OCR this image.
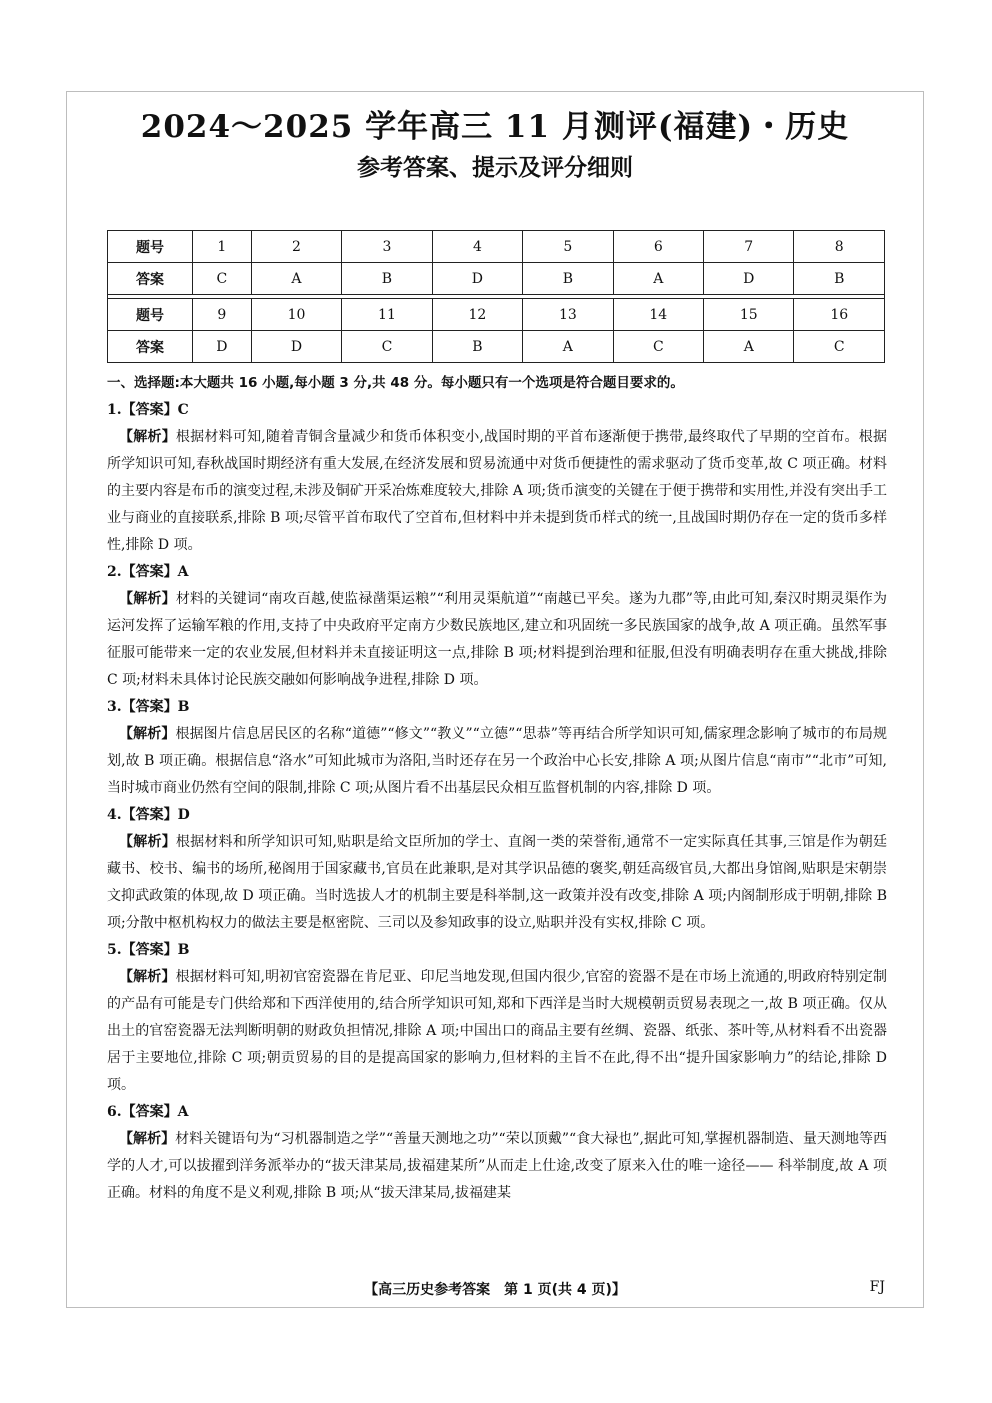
2024～2025 学年高三 11 月测评(福建)・历史
参考答案、提示及评分细则
题号	1	2	3	4	5	6	7	8
答案	C	A	B	D	B	A	D	B

题号	9	10	11	12	13	14	15	16
答案	D	D	C	B	A	C	A	C
一、选择题:本大题共 16 小题,每小题 3 分,共 48 分。每小题只有一个选项是符合题目要求的。

1.【答案】C

【解析】根据材料可知,随着青铜含量减少和货币体积变小,战国时期的平首布逐渐便于携带,最终取代了早期的空首布。根据所学知识可知,春秋战国时期经济有重大发展,在经济发展和贸易流通中对货币便捷性的需求驱动了货币变革,故 C 项正确。材料的主要内容是布币的演变过程,未涉及铜矿开采冶炼难度较大,排除 A 项;货币演变的关键在于便于携带和实用性,并没有突出手工业与商业的直接联系,排除 B 项;尽管平首布取代了空首布,但材料中并未提到货币样式的统一,且战国时期仍存在一定的货币多样性,排除 D 项。

2.【答案】A

【解析】材料的关键词“南攻百越,使监禄凿渠运粮”“利用灵渠航道”“南越已平矣。遂为九郡”等,由此可知,秦汉时期灵渠作为运河发挥了运输军粮的作用,支持了中央政府平定南方少数民族地区,建立和巩固统一多民族国家的战争,故 A 项正确。虽然军事征服可能带来一定的农业发展,但材料并未直接证明这一点,排除 B 项;材料提到治理和征服,但没有明确表明存在重大挑战,排除 C 项;材料未具体讨论民族交融如何影响战争进程,排除 D 项。

3.【答案】B

【解析】根据图片信息居民区的名称“道德”“修文”“教义”“立德”“思恭”等再结合所学知识可知,儒家理念影响了城市的布局规划,故 B 项正确。根据信息“洛水”可知此城市为洛阳,当时还存在另一个政治中心长安,排除 A 项;从图片信息“南市”“北市”可知,当时城市商业仍然有空间的限制,排除 C 项;从图片看不出基层民众相互监督机制的内容,排除 D 项。

4.【答案】D

【解析】根据材料和所学知识可知,贴职是给文臣所加的学士、直阁一类的荣誉衔,通常不一定实际真任其事,三馆是作为朝廷藏书、校书、编书的场所,秘阁用于国家藏书,官员在此兼职,是对其学识品德的褒奖,朝廷高级官员,大都出身馆阁,贴职是宋朝崇文抑武政策的体现,故 D 项正确。当时选拔人才的机制主要是科举制,这一政策并没有改变,排除 A 项;内阁制形成于明朝,排除 B 项;分散中枢机构权力的做法主要是枢密院、三司以及参知政事的设立,贴职并没有实权,排除 C 项。

5.【答案】B

【解析】根据材料可知,明初官窑瓷器在肯尼亚、印尼当地发现,但国内很少,官窑的瓷器不是在市场上流通的,明政府特别定制的产品有可能是专门供给郑和下西洋使用的,结合所学知识可知,郑和下西洋是当时大规模朝贡贸易表现之一,故 B 项正确。仅从出土的官窑瓷器无法判断明朝的财政负担情况,排除 A 项;中国出口的商品主要有丝绸、瓷器、纸张、茶叶等,从材料看不出瓷器居于主要地位,排除 C 项;朝贡贸易的目的是提高国家的影响力,但材料的主旨不在此,得不出“提升国家影响力”的结论,排除 D 项。

6.【答案】A

【解析】材料关键语句为“习机器制造之学”“善量天测地之功”“荣以顶戴”“食大禄也”,据此可知,掌握机器制造、量天测地等西学的人才,可以拔擢到洋务派举办的“拔天津某局,拔福建某所”从而走上仕途,改变了原来入仕的唯一途径—— 科举制度,故 A 项正确。材料的角度不是义利观,排除 B 项;从“拔天津某局,拔福建某

【高三历史参考答案　第 1 页(共 4 页)】	FJ
